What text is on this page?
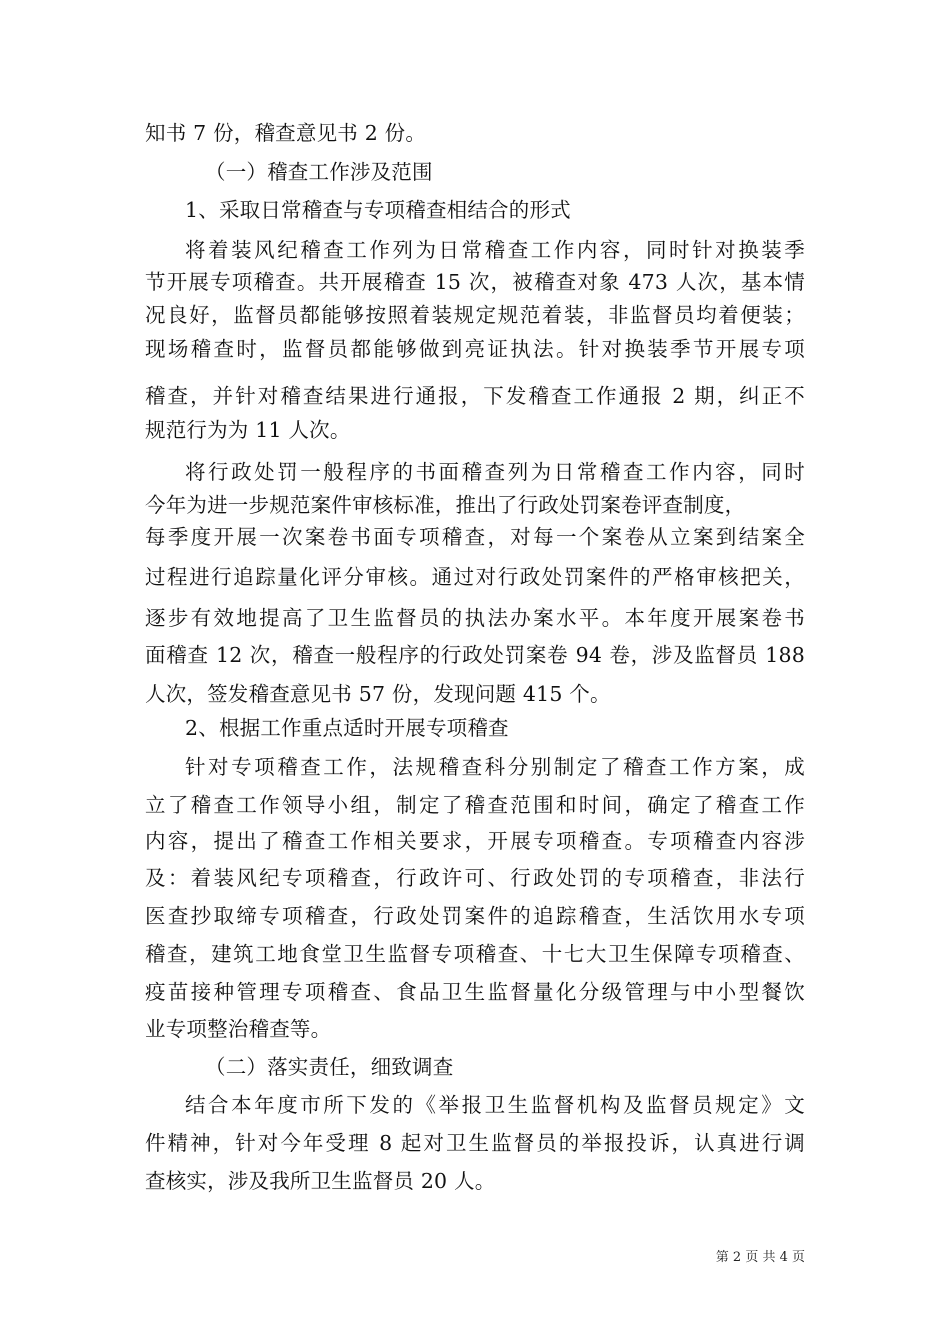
知书 7 份，稽查意见书 2 份。
（一）稽查工作涉及范围
1、采取日常稽查与专项稽查相结合的形式
将着装风纪稽查工作列为日常稽查工作内容，同时针对换装季
节开展专项稽查。共开展稽查 15 次，被稽查对象 473 人次，基本情
况良好，监督员都能够按照着装规定规范着装，非监督员均着便装；
现场稽查时，监督员都能够做到亮证执法。针对换装季节开展专项
稽查，并针对稽查结果进行通报，下发稽查工作通报 2 期，纠正不
规范行为为 11 人次。
将行政处罚一般程序的书面稽查列为日常稽查工作内容，同时
今年为进一步规范案件审核标准，推出了行政处罚案卷评查制度，
每季度开展一次案卷书面专项稽查，对每一个案卷从立案到结案全
过程进行追踪量化评分审核。通过对行政处罚案件的严格审核把关，
逐步有效地提高了卫生监督员的执法办案水平。本年度开展案卷书
面稽查 12 次，稽查一般程序的行政处罚案卷 94 卷，涉及监督员 188
人次，签发稽查意见书 57 份，发现问题 415 个。
2、根据工作重点适时开展专项稽查
针对专项稽查工作，法规稽查科分别制定了稽查工作方案，成
立了稽查工作领导小组，制定了稽查范围和时间，确定了稽查工作
内容，提出了稽查工作相关要求，开展专项稽查。专项稽查内容涉
及：着装风纪专项稽查，行政许可、行政处罚的专项稽查，非法行
医查抄取缔专项稽查，行政处罚案件的追踪稽查，生活饮用水专项
稽查，建筑工地食堂卫生监督专项稽查、十七大卫生保障专项稽查、
疫苗接种管理专项稽查、食品卫生监督量化分级管理与中小型餐饮
业专项整治稽查等。
（二）落实责任，细致调查
结合本年度市所下发的《举报卫生监督机构及监督员规定》文
件精神，针对今年受理 8 起对卫生监督员的举报投诉，认真进行调
查核实，涉及我所卫生监督员 20 人。
第 2 页 共 4 页
